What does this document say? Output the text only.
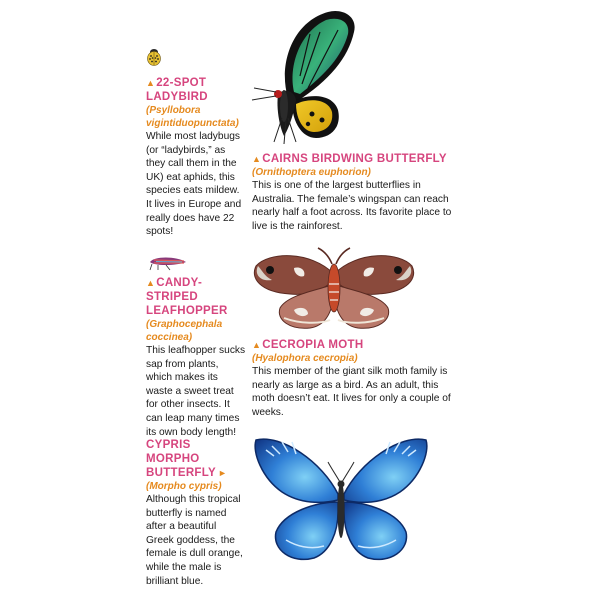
▲22-SPOT
LADYBIRD
(Psyllobora vigintiduopunctata)
While most ladybugs (or “ladybirds,” as they call them in the UK) eat aphids, this species eats mildew. It lives in Europe and really does have 22 spots!
▲CAIRNS BIRDWING BUTTERFLY
(Ornithoptera euphorion)
This is one of the largest butterflies in Australia. The female’s wingspan can reach nearly half a foot across. Its favorite place to live is the rainforest.
▲CANDY-STRIPED
LEAFHOPPER
(Graphocephala coccinea)
This leafhopper sucks sap from plants, which makes its waste a sweet treat for other insects. It can leap many times its own body length!
▲CECROPIA MOTH
(Hyalophora cecropia)
This member of the giant silk moth family is nearly as large as a bird. As an adult, this moth doesn’t eat. It lives for only a couple of weeks.
CYPRIS MORPHO
BUTTERFLY ►
(Morpho cypris)
Although this tropical butterfly is named after a beautiful Greek goddess, the female is dull orange, while the male is brilliant blue.
